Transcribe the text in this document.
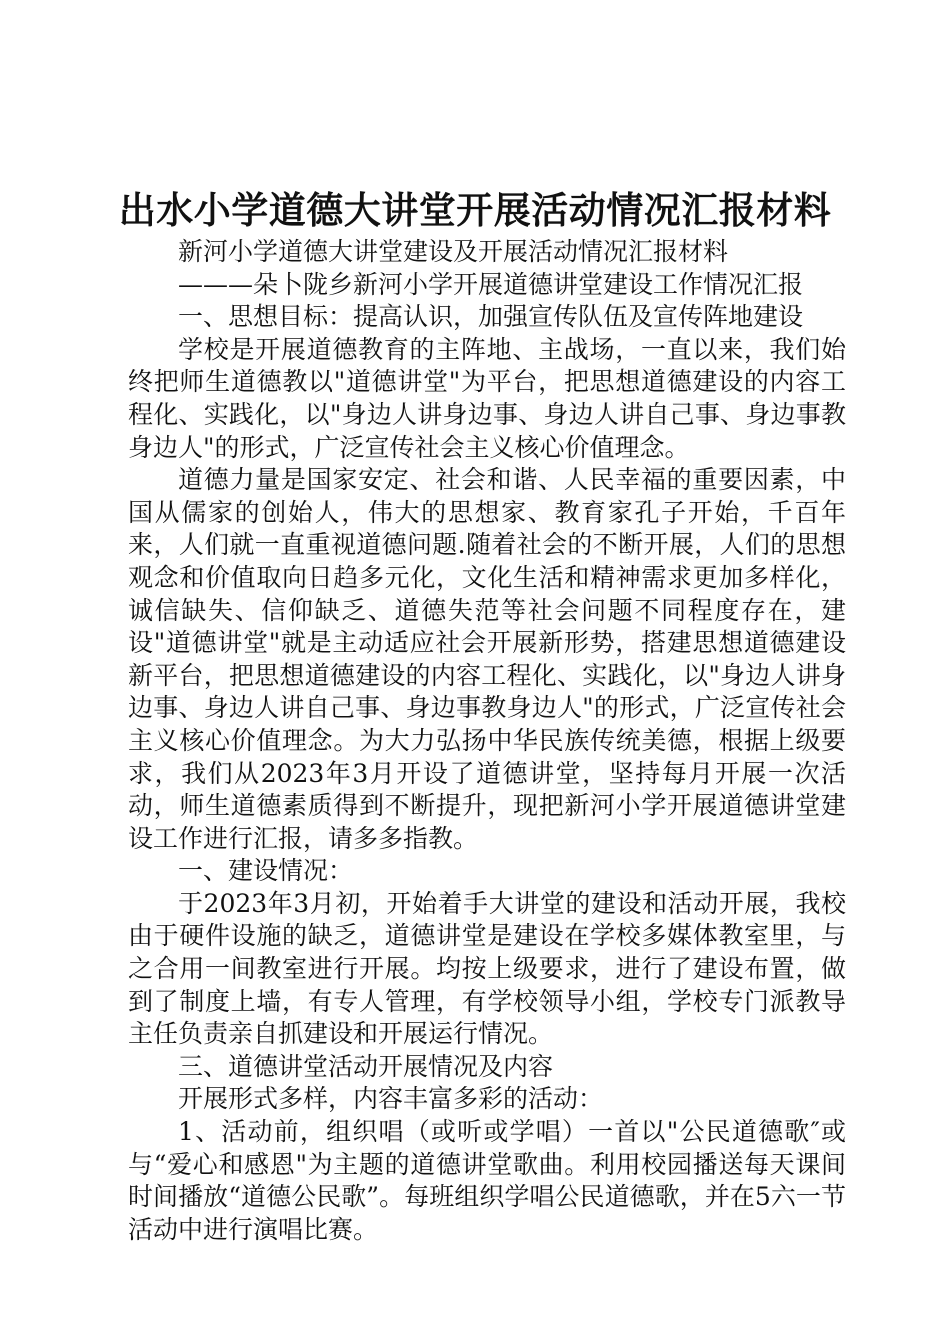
出水小学道德大讲堂开展活动情况汇报材料

新河小学道德大讲堂建设及开展活动情况汇报材料

———朵卜陇乡新河小学开展道德讲堂建设工作情况汇报

一、思想目标：提高认识，加强宣传队伍及宣传阵地建设

学校是开展道德教育的主阵地、主战场，一直以来，我们始终把师生道德教以"道德讲堂"为平台，把思想道德建设的内容工程化、实践化，以"身边人讲身边事、身边人讲自己事、身边事教身边人"的形式，广泛宣传社会主义核心价值理念。

道德力量是国家安定、社会和谐、人民幸福的重要因素，中国从儒家的创始人，伟大的思想家、教育家孔子开始，千百年来，人们就一直重视道德问题.随着社会的不断开展，人们的思想观念和价值取向日趋多元化，文化生活和精神需求更加多样化，诚信缺失、信仰缺乏、道德失范等社会问题不同程度存在，建设"道德讲堂"就是主动适应社会开展新形势，搭建思想道德建设新平台，把思想道德建设的内容工程化、实践化，以"身边人讲身边事、身边人讲自己事、身边事教身边人"的形式，广泛宣传社会主义核心价值理念。为大力弘扬中华民族传统美德，根据上级要求，我们从2023年3月开设了道德讲堂，坚持每月开展一次活动，师生道德素质得到不断提升，现把新河小学开展道德讲堂建设工作进行汇报，请多多指教。

一、建设情况：

于2023年3月初，开始着手大讲堂的建设和活动开展，我校由于硬件设施的缺乏，道德讲堂是建设在学校多媒体教室里，与之合用一间教室进行开展。均按上级要求，进行了建设布置，做到了制度上墙，有专人管理，有学校领导小组，学校专门派教导主任负责亲自抓建设和开展运行情况。

三、道德讲堂活动开展情况及内容

开展形式多样，内容丰富多彩的活动：

1、活动前，组织唱（或听或学唱）一首以"公民道德歌″或与“爱心和感恩"为主题的道德讲堂歌曲。利用校园播送每天课间时间播放“道德公民歌”。每班组织学唱公民道德歌，并在5六一节活动中进行演唱比赛。
